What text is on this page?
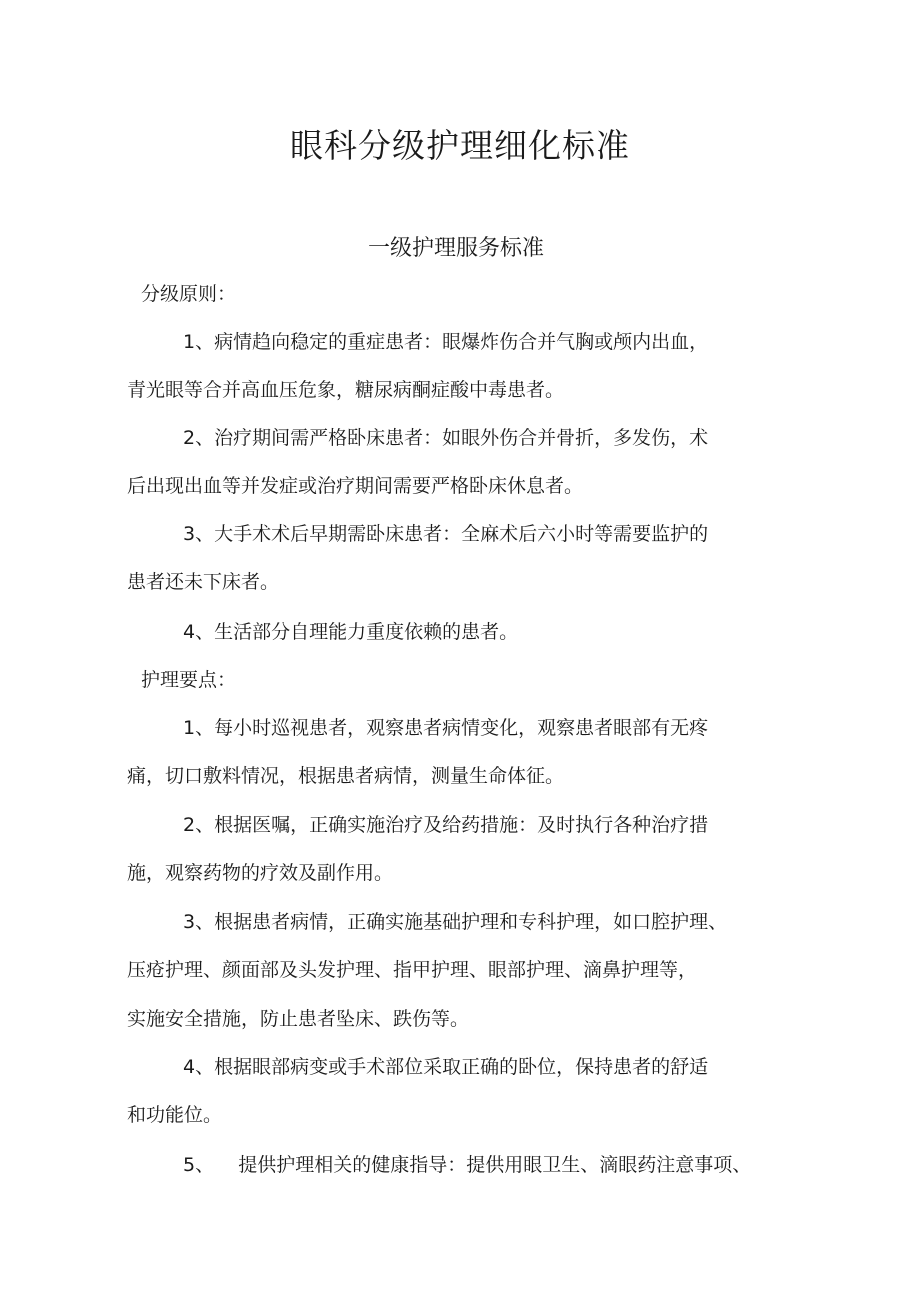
眼科分级护理细化标准
一级护理服务标准
分级原则：
1、病情趋向稳定的重症患者：眼爆炸伤合并气胸或颅内出血，
青光眼等合并高血压危象，糖尿病酮症酸中毒患者。
2、治疗期间需严格卧床患者：如眼外伤合并骨折，多发伤，术
后出现出血等并发症或治疗期间需要严格卧床休息者。
3、大手术术后早期需卧床患者：全麻术后六小时等需要监护的
患者还未下床者。
4、生活部分自理能力重度依赖的患者。
护理要点：
1、每小时巡视患者，观察患者病情变化，观察患者眼部有无疼
痛，切口敷料情况，根据患者病情，测量生命体征。
2、根据医嘱，正确实施治疗及给药措施：及时执行各种治疗措
施，观察药物的疗效及副作用。
3、根据患者病情，正确实施基础护理和专科护理，如口腔护理、
压疮护理、颜面部及头发护理、指甲护理、眼部护理、滴鼻护理等，
实施安全措施，防止患者坠床、跌伤等。
4、根据眼部病变或手术部位采取正确的卧位，保持患者的舒适
和功能位。
5、    提供护理相关的健康指导：提供用眼卫生、滴眼药注意事项、
